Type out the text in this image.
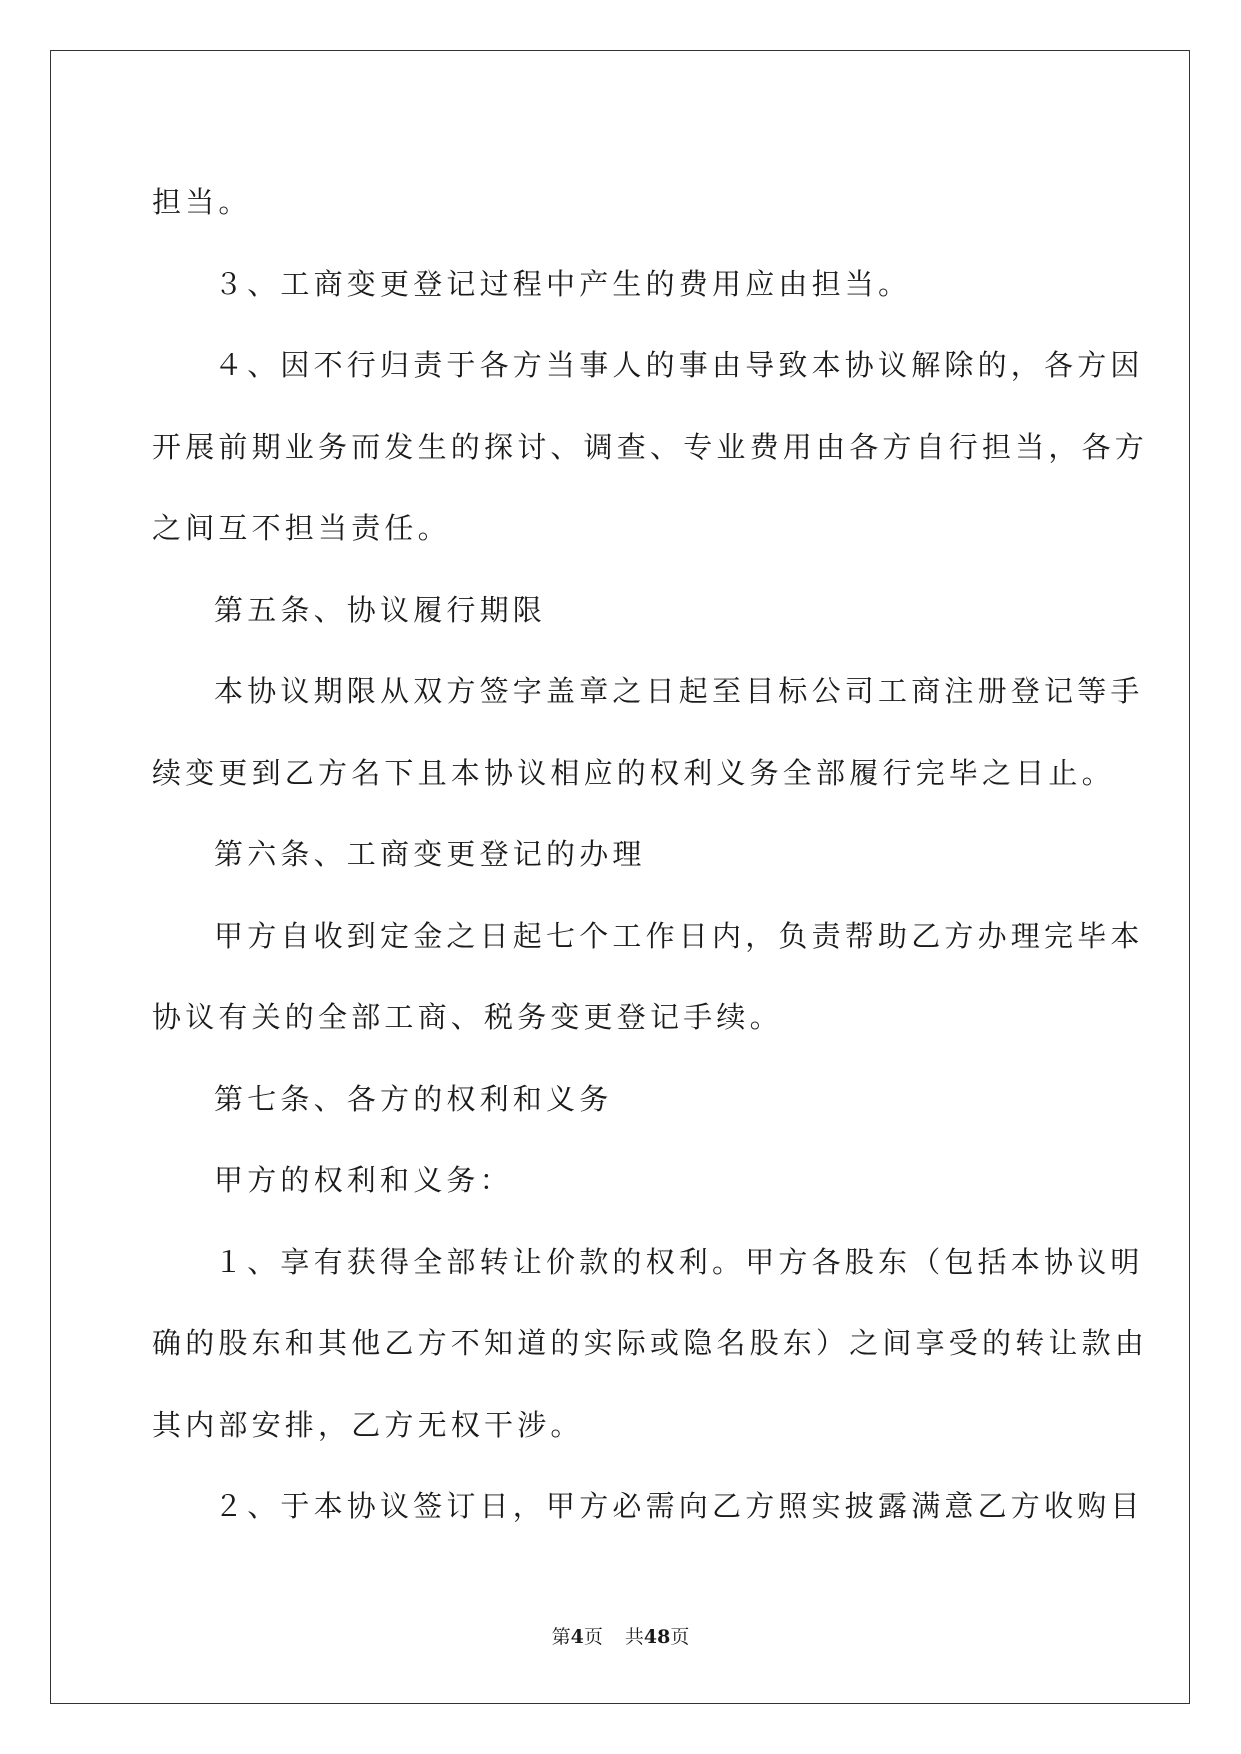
担当。

３、工商变更登记过程中产生的费用应由担当。

４、因不行归责于各方当事人的事由导致本协议解除的，各方因

开展前期业务而发生的探讨、调查、专业费用由各方自行担当，各方

之间互不担当责任。

第五条、协议履行期限

本协议期限从双方签字盖章之日起至目标公司工商注册登记等手

续变更到乙方名下且本协议相应的权利义务全部履行完毕之日止。

第六条、工商变更登记的办理

甲方自收到定金之日起七个工作日内，负责帮助乙方办理完毕本

协议有关的全部工商、税务变更登记手续。

第七条、各方的权利和义务

甲方的权利和义务：

１、享有获得全部转让价款的权利。甲方各股东（包括本协议明

确的股东和其他乙方不知道的实际或隐名股东）之间享受的转让款由

其内部安排，乙方无权干涉。

２、于本协议签订日，甲方必需向乙方照实披露满意乙方收购目

第4页 共48页
